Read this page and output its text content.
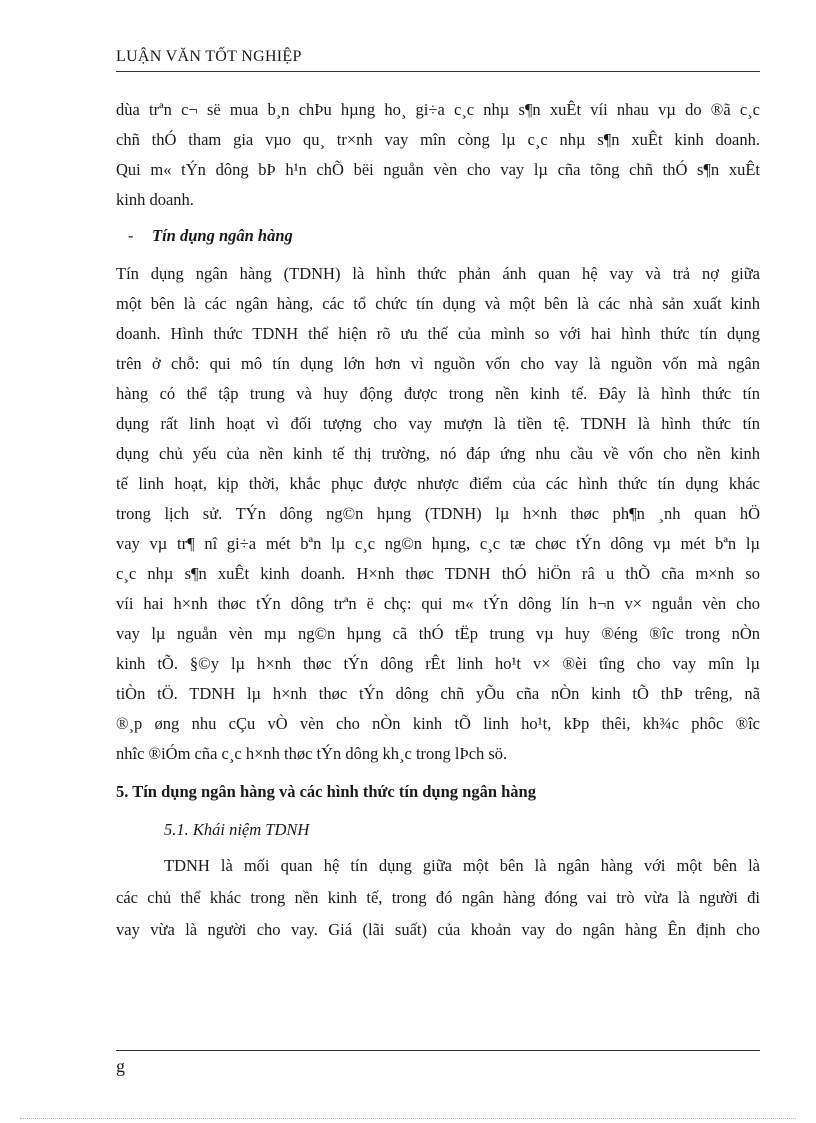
LUẬN VĂN TỐT NGHIỆP
dùa trªn c¬ së mua b¸n chÞu hµng ho¸ gi÷a c¸c nhµ s¶n xuÊt víi nhau vµ do ®ã c¸c
chñ thÓ tham gia vµo qu¸ tr×nh vay mîn còng lµ c¸c nhµ s¶n xuÊt kinh doanh.
Qui m« tÝn dông bÞ h¹n chÕ bëi nguån vèn cho vay lµ cña tõng chñ thÓ s¶n xuÊt
kinh doanh.
- Tín dụng ngân hàng
Tín dụng ngân hàng (TDNH) là hình thức phản ánh quan hệ vay và trả nợ giữa
một bên là các ngân hàng, các tổ chức tín dụng và một bên là các nhà sản xuất kinh
doanh. Hình thức TDNH thể hiện rõ ưu thế của mình so với hai hình thức tín dụng
trên ở chỗ: qui mô tín dụng lớn hơn vì nguồn vốn cho vay là nguồn vốn mà ngân
hàng có thể tập trung và huy động được trong nền kinh tế. Đây là hình thức tín
dụng rất linh hoạt vì đối tượng cho vay mượn là tiền tệ. TDNH là hình thức tín
dụng chủ yếu của nền kinh tế thị trường, nó đáp ứng nhu cầu về vốn cho nền kinh
tế linh hoạt, kịp thời, khắc phục được nhược điểm của các hình thức tín dụng khác
trong lịch sử. TÝn dông ng©n hµng (TDNH) lµ h×nh thøc ph¶n ¸nh quan hÖ
vay vµ tr¶ nî gi÷a mét bªn lµ c¸c ng©n hµng, c¸c tæ chøc tÝn dông vµ mét bªn lµ
c¸c nhµ s¶n xuÊt kinh doanh. H×nh thøc TDNH thÓ hiÖn râ u thÕ cña m×nh so
víi hai h×nh thøc tÝn dông trªn ë chç: qui m« tÝn dông lín h¬n v× nguån vèn cho
vay lµ nguån vèn mµ ng©n hµng cã thÓ tËp trung vµ huy ®éng ®îc trong nÒn
kinh tÕ. §©y lµ h×nh thøc tÝn dông rÊt linh ho¹t v× ®èi tîng cho vay mîn lµ
tiÒn tÖ. TDNH lµ h×nh thøc tÝn dông chñ yÕu cña nÒn kinh tÕ thÞ trêng, nã
®¸p øng nhu cÇu vÒ vèn cho nÒn kinh tÕ linh ho¹t, kÞp thêi, kh¾c phôc ®îc
nhîc ®iÓm cña c¸c h×nh thøc tÝn dông kh¸c trong lÞch sö.
5. Tín dụng ngân hàng và các hình thức tín dụng ngân hàng
5.1. Khái niệm TDNH
TDNH là mối quan hệ tín dụng giữa một bên là ngân hàng với một bên là
các chủ thể khác trong nền kinh tế, trong đó ngân hàng đóng vai trò vừa là người đi
vay vừa là người cho vay. Giá (lãi suất) của khoản vay do ngân hàng Ên định cho
g
